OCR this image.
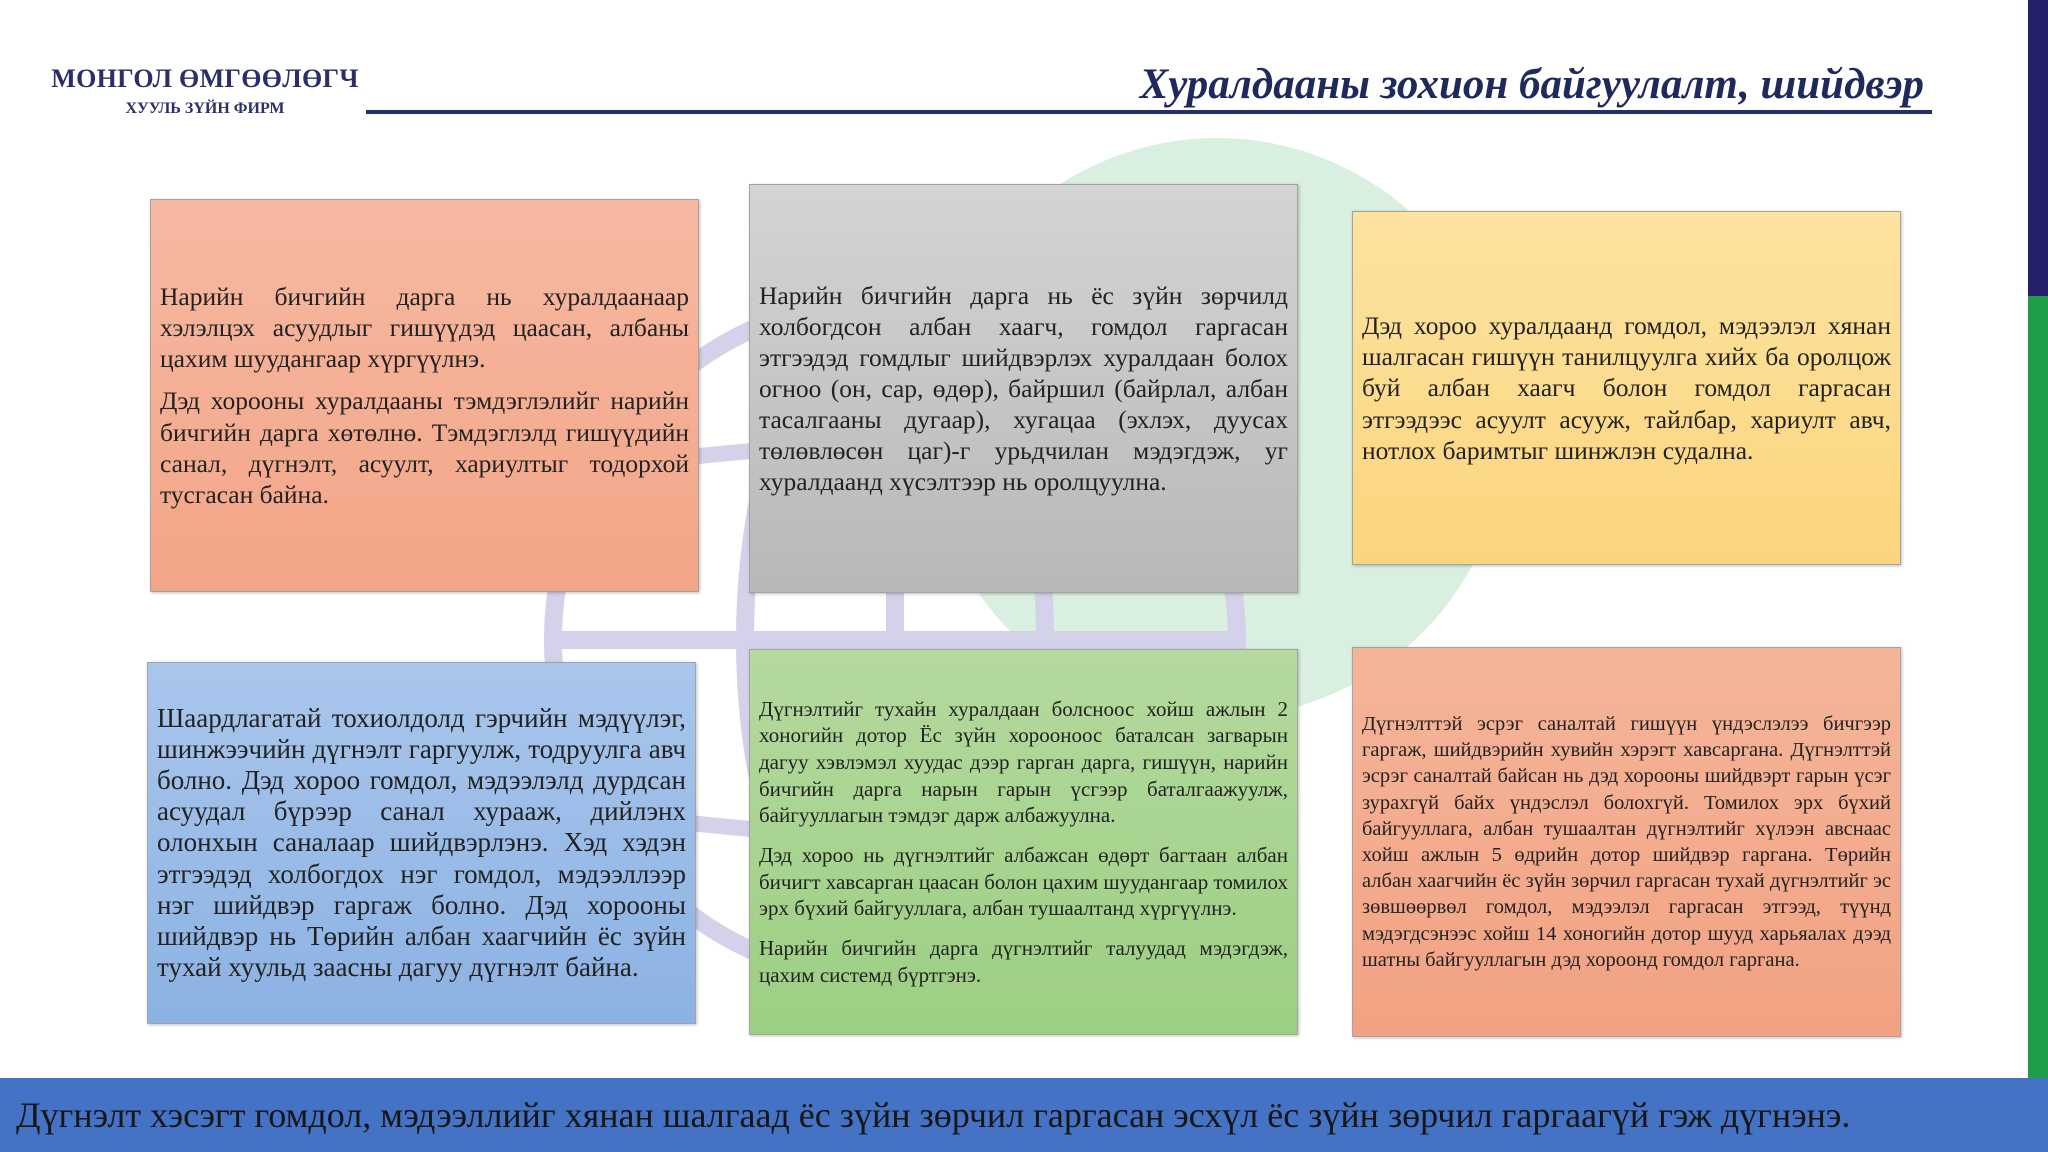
МОНГОЛ ӨМГӨӨЛӨГЧ
ХУУЛЬ ЗҮЙН ФИРМ
Хуралдааны зохион байгуулалт, шийдвэр

Нарийн бичгийн дарга нь хуралдаанаар хэлэлцэх асуудлыг гишүүдэд цаасан, албаны цахим шуудангаар хүргүүлнэ.

Дэд хорооны хуралдааны тэмдэглэлийг нарийн бичгийн дарга хөтөлнө. Тэмдэглэлд гишүүдийн санал, дүгнэлт, асуулт, хариултыг тодорхой тусгасан байна.

Нарийн бичгийн дарга нь ёс зүйн зөрчилд холбогдсон албан хаагч, гомдол гаргасан этгээдэд гомдлыг шийдвэрлэх хуралдаан болох огноо (он, сар, өдөр), байршил (байрлал, албан тасалгааны дугаар), хугацаа (эхлэх, дуусах төлөвлөсөн цаг)-г урьдчилан мэдэгдэж, уг хуралдаанд хүсэлтээр нь оролцуулна.

Дэд хороо хуралдаанд гомдол, мэдээлэл хянан шалгасан гишүүн танилцуулга хийх ба оролцож буй албан хаагч болон гомдол гаргасан этгээдээс асуулт асууж, тайлбар, хариулт авч, нотлох баримтыг шинжлэн судална.

Шаардлагатай тохиолдолд гэрчийн мэдүүлэг, шинжээчийн дүгнэлт гаргуулж, тодруулга авч болно. Дэд хороо гомдол, мэдээлэлд дурдсан асуудал бүрээр санал хурааж, дийлэнх олонхын саналаар шийдвэрлэнэ. Хэд хэдэн этгээдэд холбогдох нэг гомдол, мэдээллээр нэг шийдвэр гаргаж болно. Дэд хорооны шийдвэр нь Төрийн албан хаагчийн ёс зүйн тухай хуульд заасны дагуу дүгнэлт байна.

Дүгнэлтийг тухайн хуралдаан болсноос хойш ажлын 2 хоногийн дотор Ёс зүйн хорооноос баталсан загварын дагуу хэвлэмэл хуудас дээр гарган дарга, гишүүн, нарийн бичгийн дарга нарын гарын үсгээр баталгаажуулж, байгууллагын тэмдэг дарж албажуулна.

Дэд хороо нь дүгнэлтийг албажсан өдөрт багтаан албан бичигт хавсарган цаасан болон цахим шуудангаар томилох эрх бүхий байгууллага, албан тушаалтанд хүргүүлнэ.

Нарийн бичгийн дарга дүгнэлтийг талуудад мэдэгдэж, цахим системд бүртгэнэ.

Дүгнэлттэй эсрэг саналтай гишүүн үндэслэлээ бичгээр гаргаж, шийдвэрийн хувийн хэрэгт хавсаргана. Дүгнэлттэй эсрэг саналтай байсан нь дэд хорооны шийдвэрт гарын үсэг зурахгүй байх үндэслэл болохгүй. Томилох эрх бүхий байгууллага, албан тушаалтан дүгнэлтийг хүлээн авснаас хойш ажлын 5 өдрийн дотор шийдвэр гаргана. Төрийн албан хаагчийн ёс зүйн зөрчил гаргасан тухай дүгнэлтийг эс зөвшөөрвөл гомдол, мэдээлэл гаргасан этгээд, түүнд мэдэгдсэнээс хойш 14 хоногийн дотор шууд харьяалах дээд шатны байгууллагын дэд хороонд гомдол гаргана.

Дүгнэлт хэсэгт гомдол, мэдээллийг хянан шалгаад ёс зүйн зөрчил гаргасан эсхүл ёс зүйн зөрчил гаргаагүй гэж дүгнэнэ.
